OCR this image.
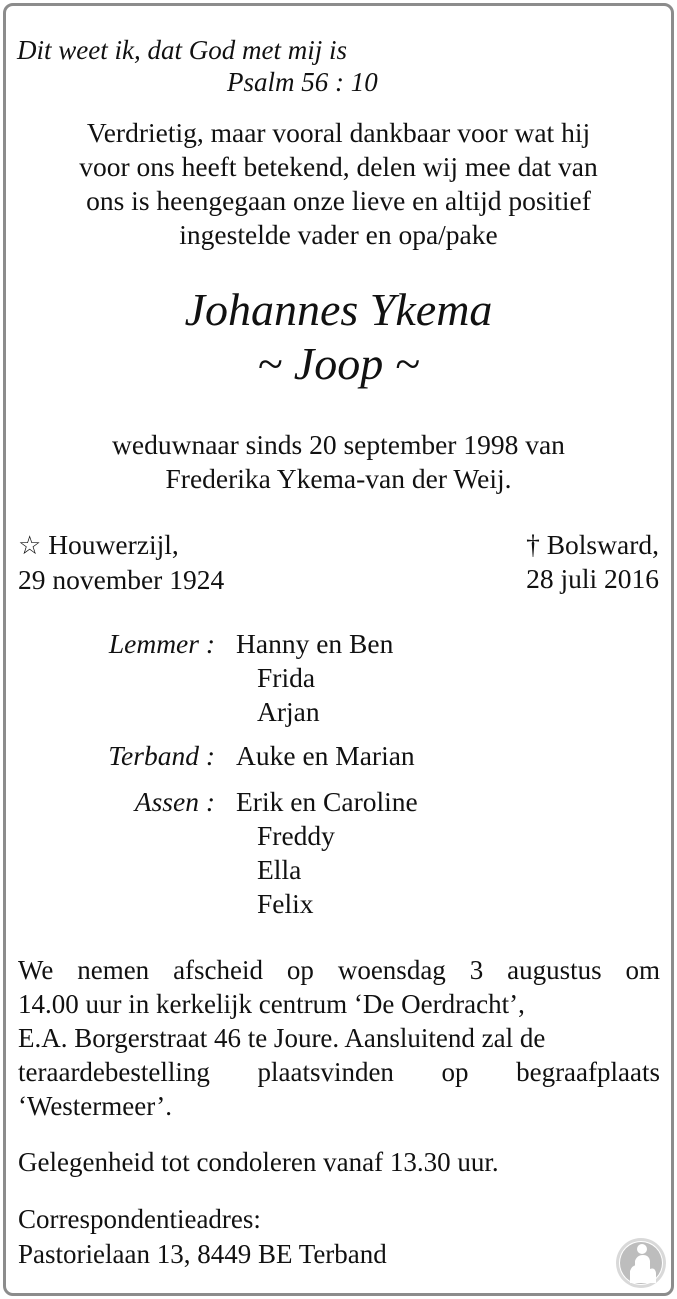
Dit weet ik, dat God met mij is
Psalm 56 : 10
Verdrietig, maar vooral dankbaar voor wat hij
voor ons heeft betekend, delen wij mee dat van
ons is heengegaan onze lieve en altijd positief
ingestelde vader en opa/pake
Johannes Ykema
~ Joop ~
weduwnaar sinds 20 september 1998 van
Frederika Ykema-van der Weij.
☆ Houwerzijl,
29 november 1924
† Bolsward,
28 juli 2016
Lemmer : Hanny en Ben
Frida
Arjan
Terband : Auke en Marian
Assen : Erik en Caroline
Freddy
Ella
Felix
We nemen afscheid op woensdag 3 augustus om
14.00 uur in kerkelijk centrum ‘De Oerdracht’,
E.A. Borgerstraat 46 te Joure. Aansluitend zal de
teraardebestelling plaatsvinden op begraafplaats
‘Westermeer’.
Gelegenheid tot condoleren vanaf 13.30 uur.
Correspondentieadres:
Pastorielaan 13, 8449 BE Terband
